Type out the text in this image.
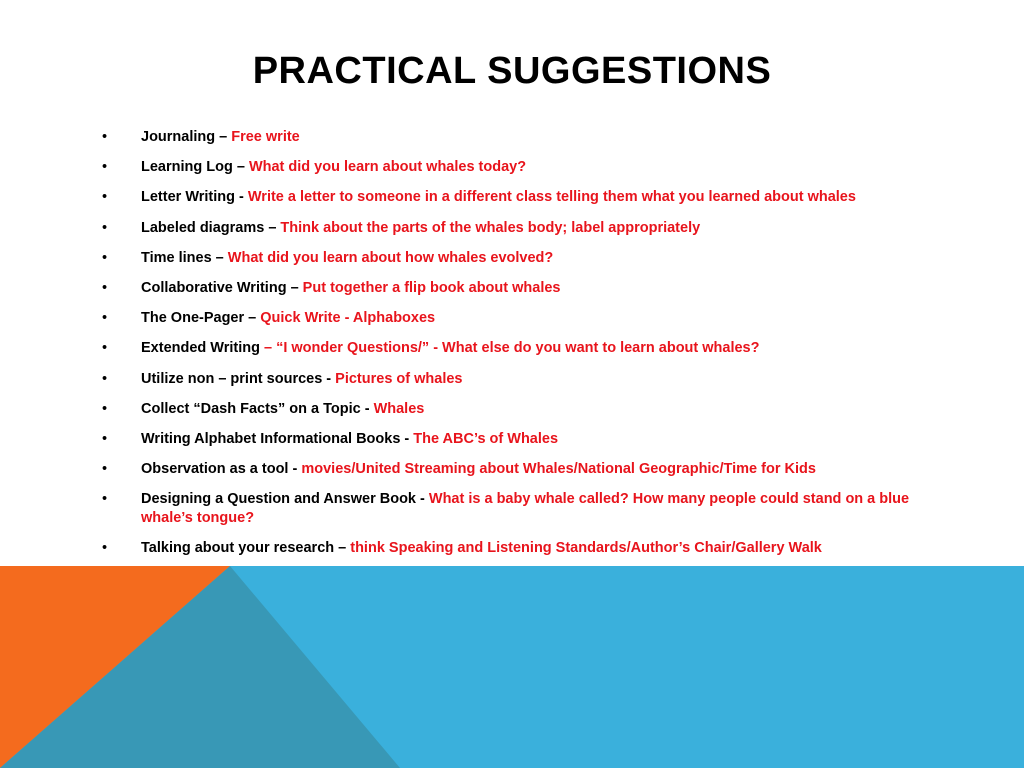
PRACTICAL SUGGESTIONS
• Journaling – Free write
• Learning Log – What did you learn about whales today?
• Letter Writing - Write a letter to someone in a different class telling them what you learned about whales
• Labeled diagrams – Think about the parts of the whales body; label appropriately
• Time lines – What did you learn about how whales evolved?
• Collaborative Writing – Put together a flip book about whales
• The One-Pager – Quick Write - Alphaboxes
• Extended Writing – “I wonder Questions/” - What else do you want to learn about whales?
• Utilize non – print sources - Pictures of whales
• Collect “Dash Facts” on a Topic - Whales
• Writing Alphabet Informational Books - The ABC’s of Whales
• Observation as a tool - movies/United Streaming about Whales/National Geographic/Time for Kids
• Designing a Question and Answer Book - What is a baby whale called? How many people could stand on a blue whale’s tongue?
• Talking about your research – think Speaking and Listening Standards/Author’s Chair/Gallery Walk
